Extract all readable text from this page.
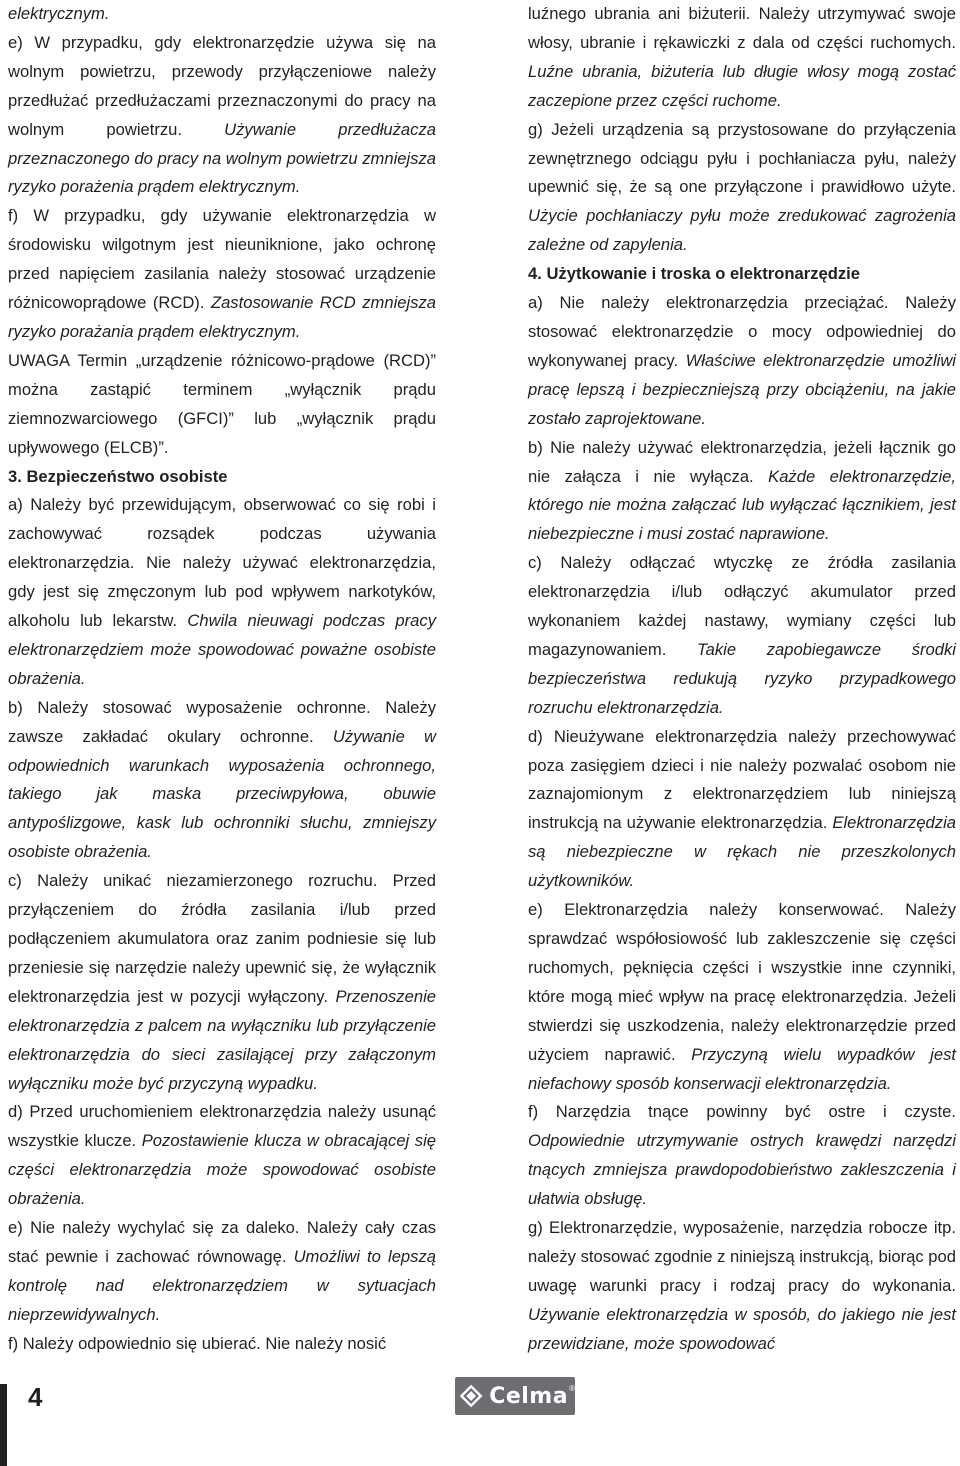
elektrycznym.

e) W przypadku, gdy elektronarzędzie używa się na wolnym powietrzu, przewody przyłączeniowe należy przedłużać przedłużaczami przeznaczonymi do pracy na wolnym powietrzu.	Używanie przedłużacza przeznaczonego do pracy na wolnym powietrzu zmniejsza ryzyko porażenia prądem elektrycznym.

f) W przypadku, gdy używanie elektronarzędzia w środowisku wilgotnym jest nieuniknione, jako ochronę przed napięciem zasilania należy stosować urządzenie różnicowoprądowe (RCD). Zastosowanie RCD zmniejsza ryzyko porażania prądem elektrycznym.

UWAGA Termin „urządzenie różnicowo-prądowe (RCD)” można zastąpić terminem „wyłącznik prądu ziemnozwarciowego (GFCI)” lub „wyłącznik prądu upływowego (ELCB)”.

3. Bezpieczeństwo osobiste

a) Należy być przewidującym, obserwować co się robi i zachowywać rozsądek podczas używania elektronarzędzia. Nie należy używać elektronarzędzia, gdy jest się zmęczonym lub pod wpływem narkotyków, alkoholu lub lekarstw. Chwila nieuwagi podczas pracy elektronarzędziem może spowodować poważne osobiste obrażenia.

b) Należy stosować wyposażenie ochronne. Należy zawsze zakładać okulary ochronne. Używanie w odpowiednich warunkach wyposażenia ochronnego, takiego jak maska przeciwpyłowa, obuwie antypoślizgowe, kask lub ochronniki słuchu, zmniejszy osobiste obrażenia.

c) Należy unikać niezamierzonego rozruchu. Przed przyłączeniem do źródła zasilania i/lub przed podłączeniem akumulatora oraz zanim podniesie się lub przeniesie się narzędzie należy upewnić się, że wyłącznik elektronarzędzia jest w pozycji wyłączony. Przenoszenie elektronarzędzia z palcem na wyłączniku lub przyłączenie elektronarzędzia do sieci zasilającej przy załączonym wyłączniku może być przyczyną wypadku.

d) Przed uruchomieniem elektronarzędzia należy usunąć wszystkie klucze. Pozostawienie klucza w obracającej się części elektronarzędzia może spowodować osobiste obrażenia.

e) Nie należy wychylać się za daleko. Należy cały czas stać pewnie i zachować równowagę. Umożliwi to lepszą kontrolę nad elektronarzędziem w sytuacjach nieprzewidywalnych.

f) Należy odpowiednio się ubierać. Nie należy nosić

luźnego ubrania ani biżuterii. Należy utrzymywać swoje włosy, ubranie i rękawiczki z dala od części ruchomych. Luźne ubrania, biżuteria lub długie włosy mogą zostać zaczepione przez części ruchome.

g) Jeżeli urządzenia są przystosowane do przyłączenia zewnętrznego odciągu pyłu i pochłaniacza pyłu, należy upewnić się, że są one przyłączone i prawidłowo użyte. Użycie pochłaniaczy pyłu może zredukować zagrożenia zależne od zapylenia.

4. Użytkowanie i troska o elektronarzędzie

a) Nie należy elektronarzędzia przeciążać. Należy stosować elektronarzędzie o mocy odpowiedniej do wykonywanej pracy. Właściwe elektronarzędzie umożliwi pracę lepszą i bezpieczniejszą przy obciążeniu, na jakie zostało zaprojektowane.

b) Nie należy używać elektronarzędzia, jeżeli łącznik go nie załącza i nie wyłącza. Każde elektronarzędzie, którego nie można załączać lub wyłączać łącznikiem, jest niebezpieczne i musi zostać naprawione.

c) Należy odłączać wtyczkę ze źródła zasilania elektronarzędzia i/lub odłączyć akumulator przed wykonaniem każdej nastawy, wymiany części lub magazynowaniem. Takie zapobiegawcze środki bezpieczeństwa redukują ryzyko przypadkowego rozruchu elektronarzędzia.

d) Nieużywane elektronarzędzia należy przechowywać poza zasięgiem dzieci i nie należy pozwalać osobom nie zaznajomionym z elektronarzędziem lub niniejszą instrukcją na używanie elektronarzędzia. Elektronarzędzia są niebezpieczne w rękach nie przeszkolonych użytkowników.

e) Elektronarzędzia należy konserwować. Należy sprawdzać współosiowość lub zakleszczenie się części ruchomych, pęknięcia części i wszystkie inne czynniki, które mogą mieć wpływ na pracę elektronarzędzia. Jeżeli stwierdzi się uszkodzenia, należy elektronarzędzie przed użyciem naprawić. Przyczyną wielu wypadków jest niefachowy sposób konserwacji elektronarzędzia.

f) Narzędzia tnące powinny być ostre i czyste. Odpowiednie utrzymywanie ostrych krawędzi narzędzi tnących zmniejsza prawdopodobieństwo zakleszczenia i ułatwia obsługę.

g) Elektronarzędzie, wyposażenie, narzędzia robocze itp. należy stosować zgodnie z niniejszą instrukcją, biorąc pod uwagę warunki pracy i rodzaj pracy do wykonania. Używanie elektronarzędzia w sposób, do jakiego nie jest przewidziane, może spowodować

4	Celma ®
